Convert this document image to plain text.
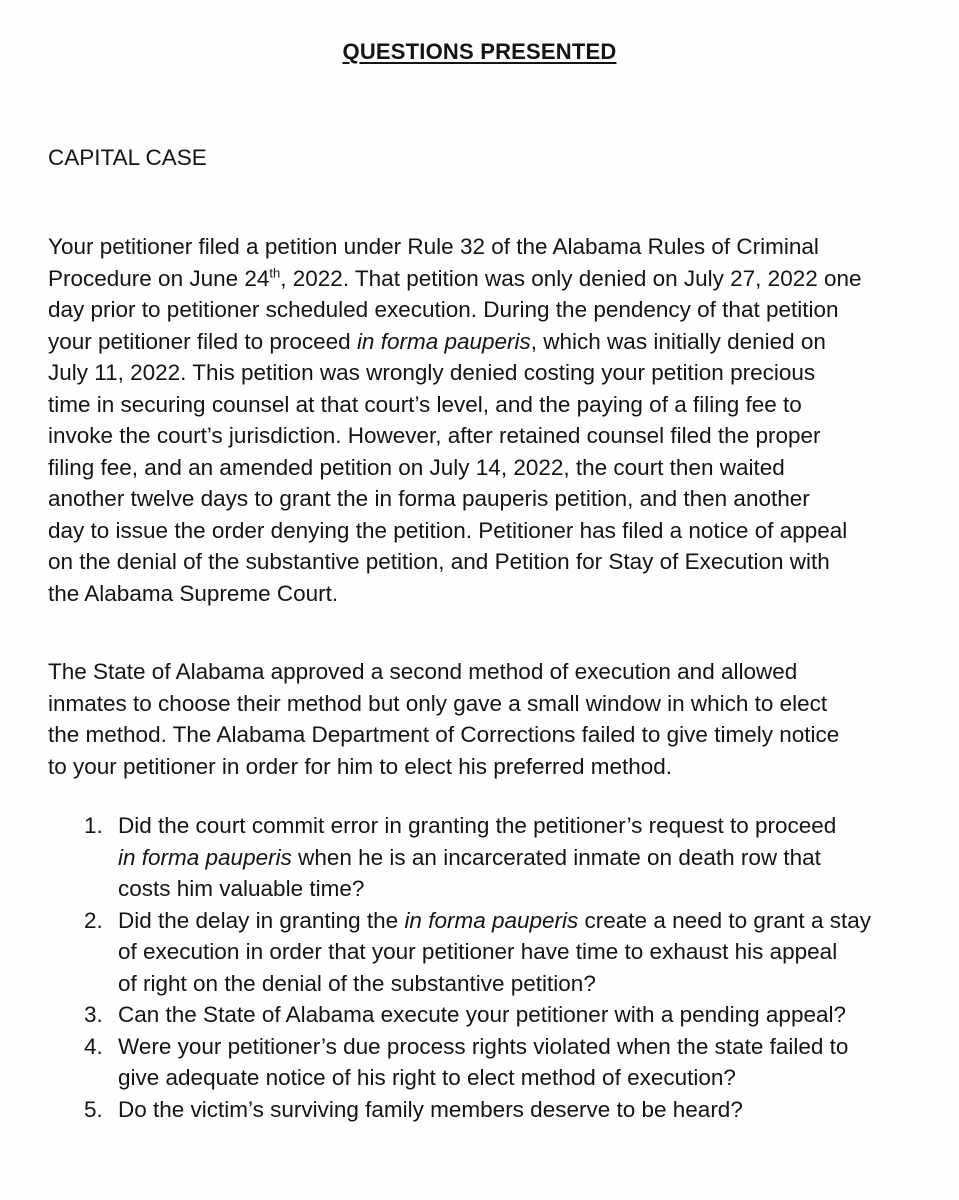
QUESTIONS PRESENTED
CAPITAL CASE
Your petitioner filed a petition under Rule 32 of the Alabama Rules of Criminal
Procedure on June 24th, 2022. That petition was only denied on July 27, 2022 one
day prior to petitioner scheduled execution. During the pendency of that petition
your petitioner filed to proceed in forma pauperis, which was initially denied on
July 11, 2022. This petition was wrongly denied costing your petition precious
time in securing counsel at that court’s level, and the paying of a filing fee to
invoke the court’s jurisdiction. However, after retained counsel filed the proper
filing fee, and an amended petition on July 14, 2022, the court then waited
another twelve days to grant the in forma pauperis petition, and then another
day to issue the order denying the petition. Petitioner has filed a notice of appeal
on the denial of the substantive petition, and Petition for Stay of Execution with
the Alabama Supreme Court.
The State of Alabama approved a second method of execution and allowed
inmates to choose their method but only gave a small window in which to elect
the method. The Alabama Department of Corrections failed to give timely notice
to your petitioner in order for him to elect his preferred method.
1. Did the court commit error in granting the petitioner’s request to proceed
in forma pauperis when he is an incarcerated inmate on death row that
costs him valuable time?
2. Did the delay in granting the in forma pauperis create a need to grant a stay
of execution in order that your petitioner have time to exhaust his appeal
of right on the denial of the substantive petition?
3. Can the State of Alabama execute your petitioner with a pending appeal?
4. Were your petitioner’s due process rights violated when the state failed to
give adequate notice of his right to elect method of execution?
5. Do the victim’s surviving family members deserve to be heard?
